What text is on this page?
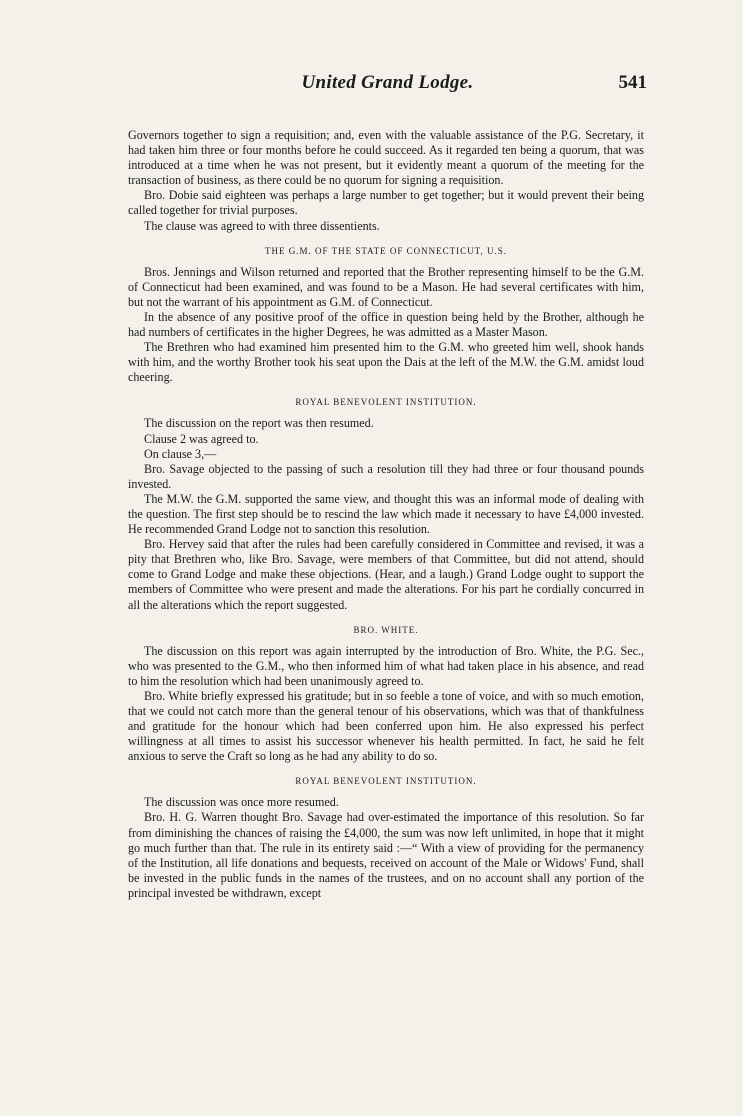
United Grand Lodge.	541

Governors together to sign a requisition; and, even with the valuable assistance of the P.G. Secretary, it had taken him three or four months before he could succeed. As it regarded ten being a quorum, that was introduced at a time when he was not present, but it evidently meant a quorum of the meeting for the transaction of business, as there could be no quorum for signing a requisition.

Bro. Dobie said eighteen was perhaps a large number to get together; but it would prevent their being called together for trivial purposes.

The clause was agreed to with three dissentients.

THE G.M. OF THE STATE OF CONNECTICUT, U.S.

Bros. Jennings and Wilson returned and reported that the Brother representing himself to be the G.M. of Connecticut had been examined, and was found to be a Mason. He had several certificates with him, but not the warrant of his appointment as G.M. of Connecticut.

In the absence of any positive proof of the office in question being held by the Brother, although he had numbers of certificates in the higher Degrees, he was admitted as a Master Mason.

The Brethren who had examined him presented him to the G.M. who greeted him well, shook hands with him, and the worthy Brother took his seat upon the Dais at the left of the M.W. the G.M. amidst loud cheering.

ROYAL BENEVOLENT INSTITUTION.

The discussion on the report was then resumed.

Clause 2 was agreed to.

On clause 3,—

Bro. Savage objected to the passing of such a resolution till they had three or four thousand pounds invested.

The M.W. the G.M. supported the same view, and thought this was an informal mode of dealing with the question. The first step should be to rescind the law which made it necessary to have £4,000 invested. He recommended Grand Lodge not to sanction this resolution.

Bro. Hervey said that after the rules had been carefully considered in Committee and revised, it was a pity that Brethren who, like Bro. Savage, were members of that Committee, but did not attend, should come to Grand Lodge and make these objections. (Hear, and a laugh.) Grand Lodge ought to support the members of Committee who were present and made the alterations. For his part he cordially concurred in all the alterations which the report suggested.

BRO. WHITE.

The discussion on this report was again interrupted by the introduction of Bro. White, the P.G. Sec., who was presented to the G.M., who then informed him of what had taken place in his absence, and read to him the resolution which had been unanimously agreed to.

Bro. White briefly expressed his gratitude; but in so feeble a tone of voice, and with so much emotion, that we could not catch more than the general tenour of his observations, which was that of thankfulness and gratitude for the honour which had been conferred upon him. He also expressed his perfect willingness at all times to assist his successor whenever his health permitted. In fact, he said he felt anxious to serve the Craft so long as he had any ability to do so.

ROYAL BENEVOLENT INSTITUTION.

The discussion was once more resumed.

Bro. H. G. Warren thought Bro. Savage had over-estimated the importance of this resolution. So far from diminishing the chances of raising the £4,000, the sum was now left unlimited, in hope that it might go much further than that. The rule in its entirety said :—“ With a view of providing for the permanency of the Institution, all life donations and bequests, received on account of the Male or Widows' Fund, shall be invested in the public funds in the names of the trustees, and on no account shall any portion of the principal invested be withdrawn, except
